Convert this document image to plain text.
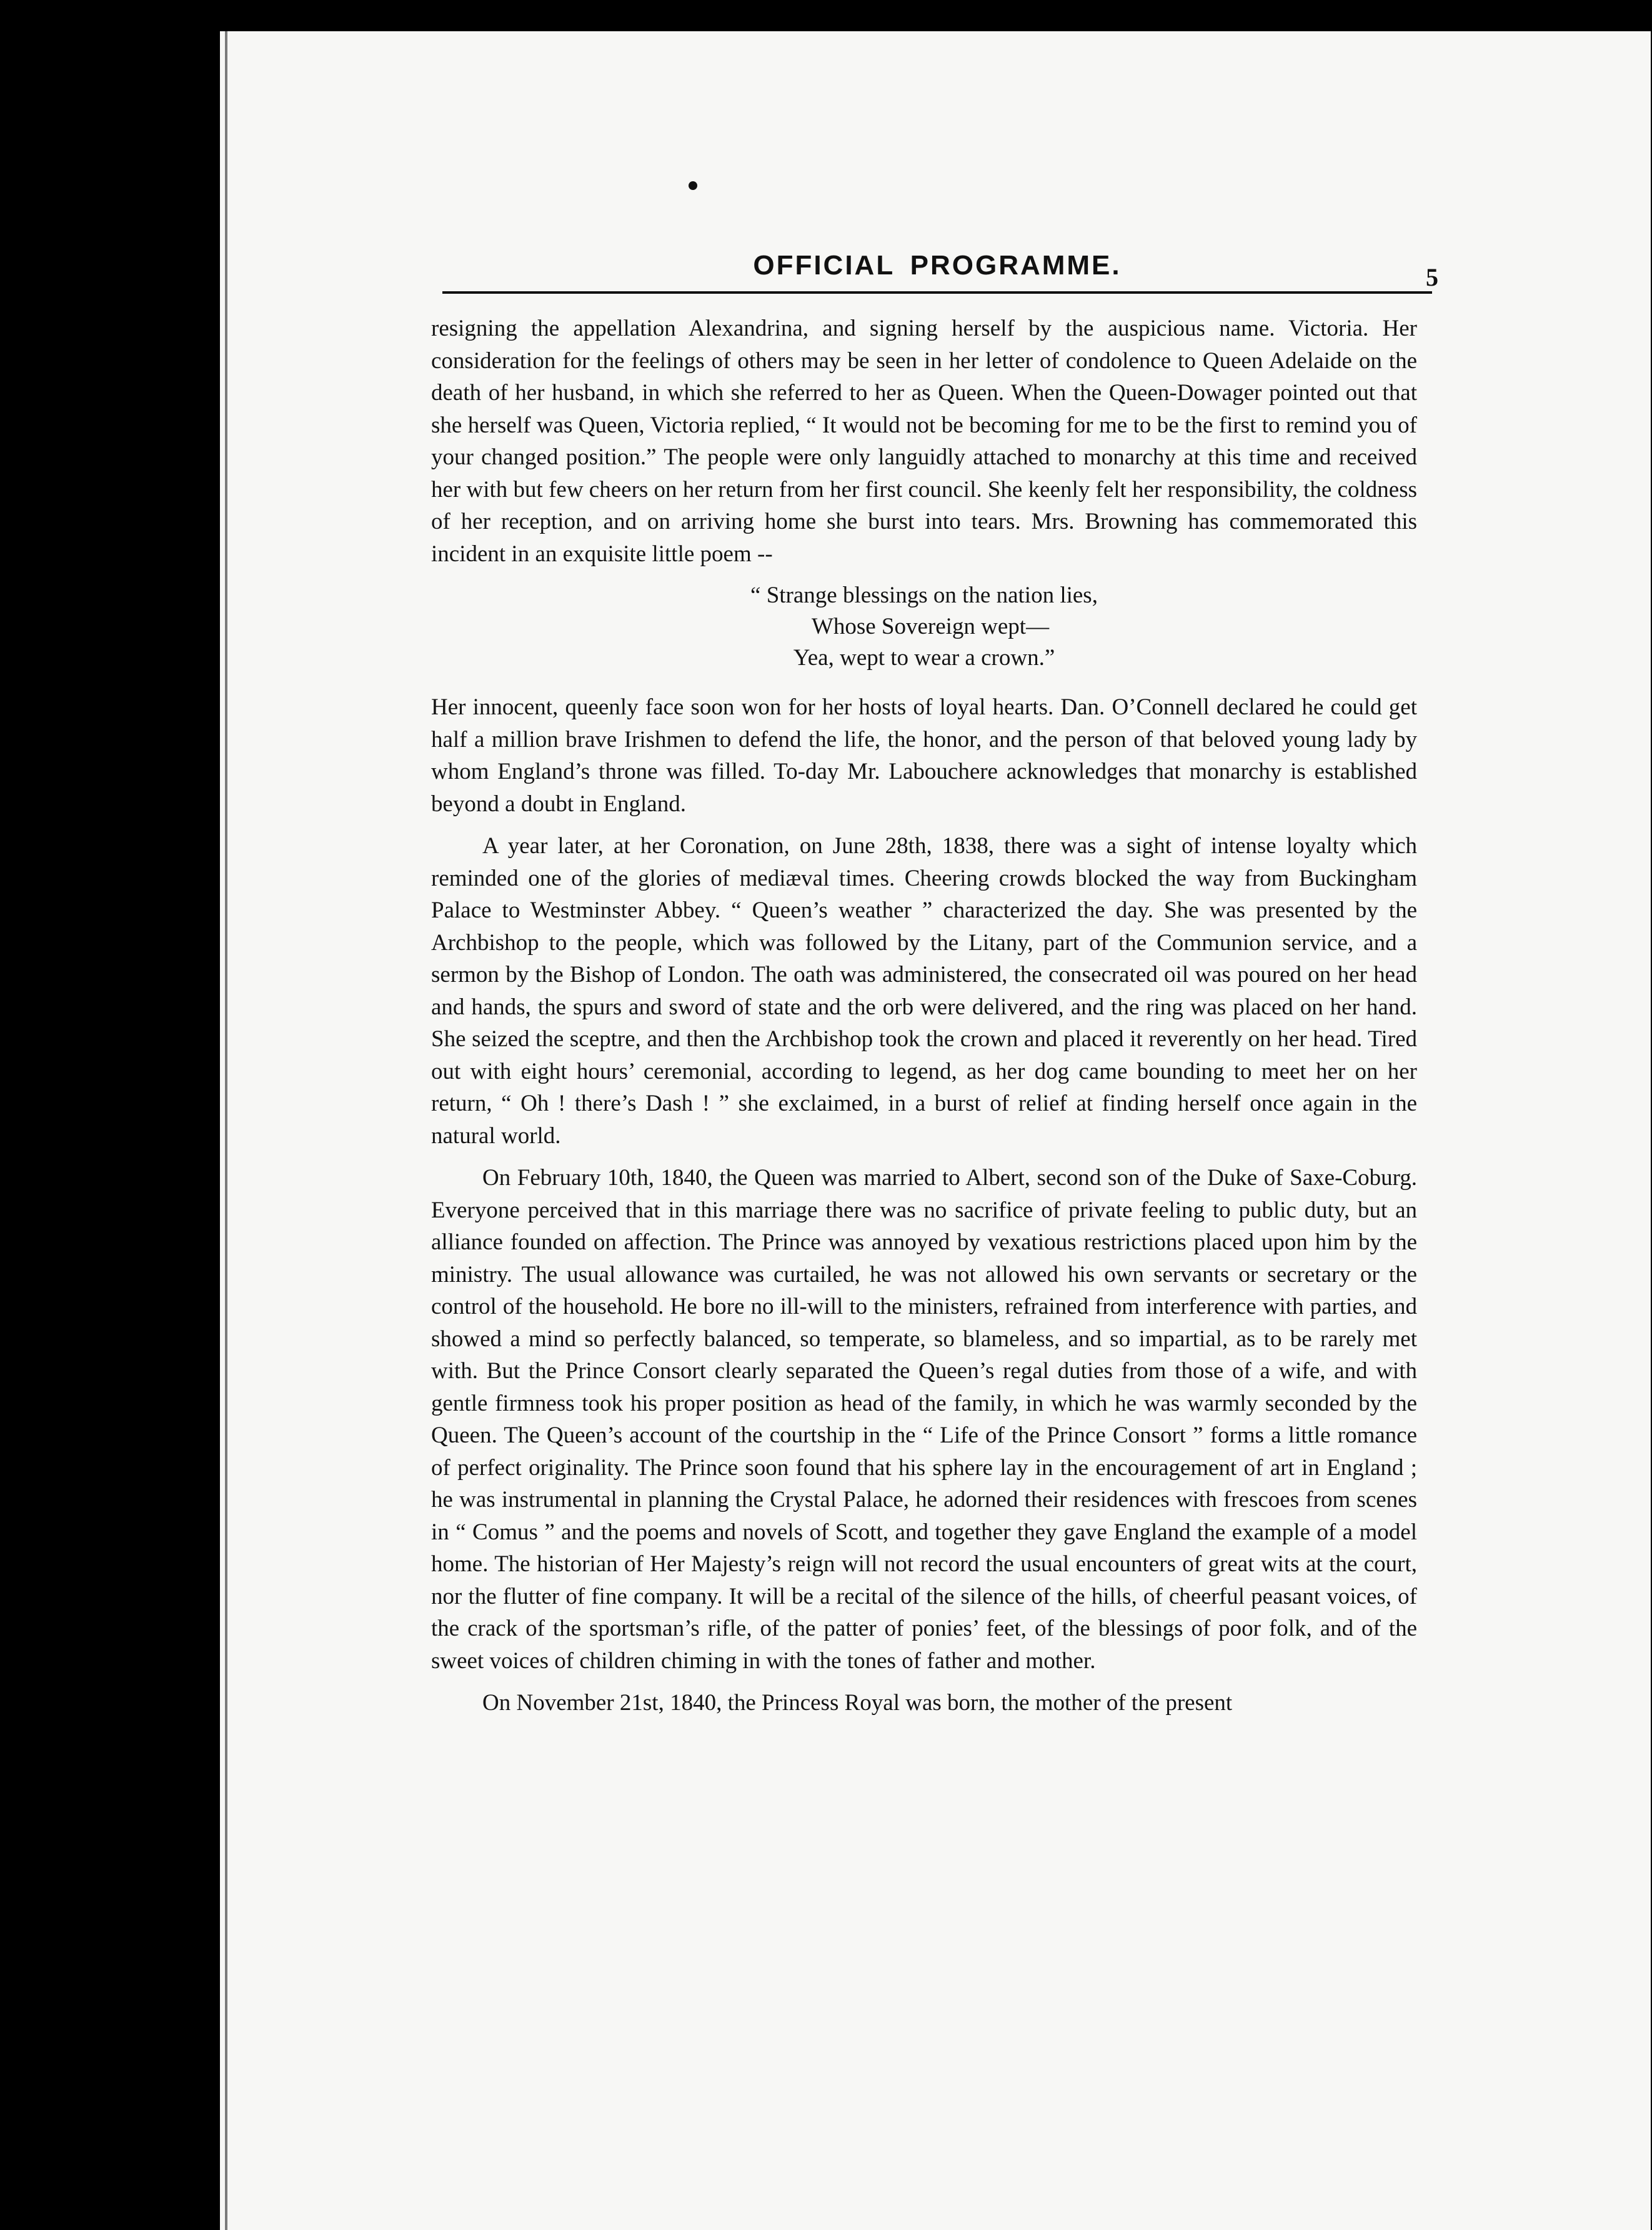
OFFICIAL PROGRAMME.	5

resigning the appellation Alexandrina, and signing herself by the auspicious name. Victoria. Her consideration for the feelings of others may be seen in her letter of condolence to Queen Adelaide on the death of her husband, in which she referred to her as Queen. When the Queen-Dowager pointed out that she herself was Queen, Victoria replied, “ It would not be becoming for me to be the first to remind you of your changed position.” The people were only languidly attached to monarchy at this time and received her with but few cheers on her return from her first council. She keenly felt her responsibility, the coldness of her reception, and on arriving home she burst into tears. Mrs. Browning has commemorated this incident in an exquisite little poem --

“ Strange blessings on the nation lies,
Whose Sovereign wept—
Yea, wept to wear a crown.”

Her innocent, queenly face soon won for her hosts of loyal hearts. Dan. O’Connell declared he could get half a million brave Irishmen to defend the life, the honor, and the person of that beloved young lady by whom England’s throne was filled. To-day Mr. Labouchere acknowledges that monarchy is established beyond a doubt in England.

A year later, at her Coronation, on June 28th, 1838, there was a sight of intense loyalty which reminded one of the glories of mediæval times. Cheering crowds blocked the way from Buckingham Palace to Westminster Abbey. “ Queen’s weather ” characterized the day. She was presented by the Archbishop to the people, which was followed by the Litany, part of the Communion service, and a sermon by the Bishop of London. The oath was administered, the consecrated oil was poured on her head and hands, the spurs and sword of state and the orb were delivered, and the ring was placed on her hand. She seized the sceptre, and then the Archbishop took the crown and placed it reverently on her head. Tired out with eight hours’ ceremonial, according to legend, as her dog came bounding to meet her on her return, “ Oh ! there’s Dash ! ” she exclaimed, in a burst of relief at finding herself once again in the natural world.

On February 10th, 1840, the Queen was married to Albert, second son of the Duke of Saxe-Coburg. Everyone perceived that in this marriage there was no sacrifice of private feeling to public duty, but an alliance founded on affection. The Prince was annoyed by vexatious restrictions placed upon him by the ministry. The usual allowance was curtailed, he was not allowed his own servants or secretary or the control of the household. He bore no ill-will to the ministers, refrained from interference with parties, and showed a mind so perfectly balanced, so temperate, so blameless, and so impartial, as to be rarely met with. But the Prince Consort clearly separated the Queen’s regal duties from those of a wife, and with gentle firmness took his proper position as head of the family, in which he was warmly seconded by the Queen. The Queen’s account of the courtship in the “ Life of the Prince Consort ” forms a little romance of perfect originality. The Prince soon found that his sphere lay in the encouragement of art in England ; he was instrumental in planning the Crystal Palace, he adorned their residences with frescoes from scenes in “ Comus ” and the poems and novels of Scott, and together they gave England the example of a model home. The historian of Her Majesty’s reign will not record the usual encounters of great wits at the court, nor the flutter of fine company. It will be a recital of the silence of the hills, of cheerful peasant voices, of the crack of the sportsman’s rifle, of the patter of ponies’ feet, of the blessings of poor folk, and of the sweet voices of children chiming in with the tones of father and mother.

On November 21st, 1840, the Princess Royal was born, the mother of the present
